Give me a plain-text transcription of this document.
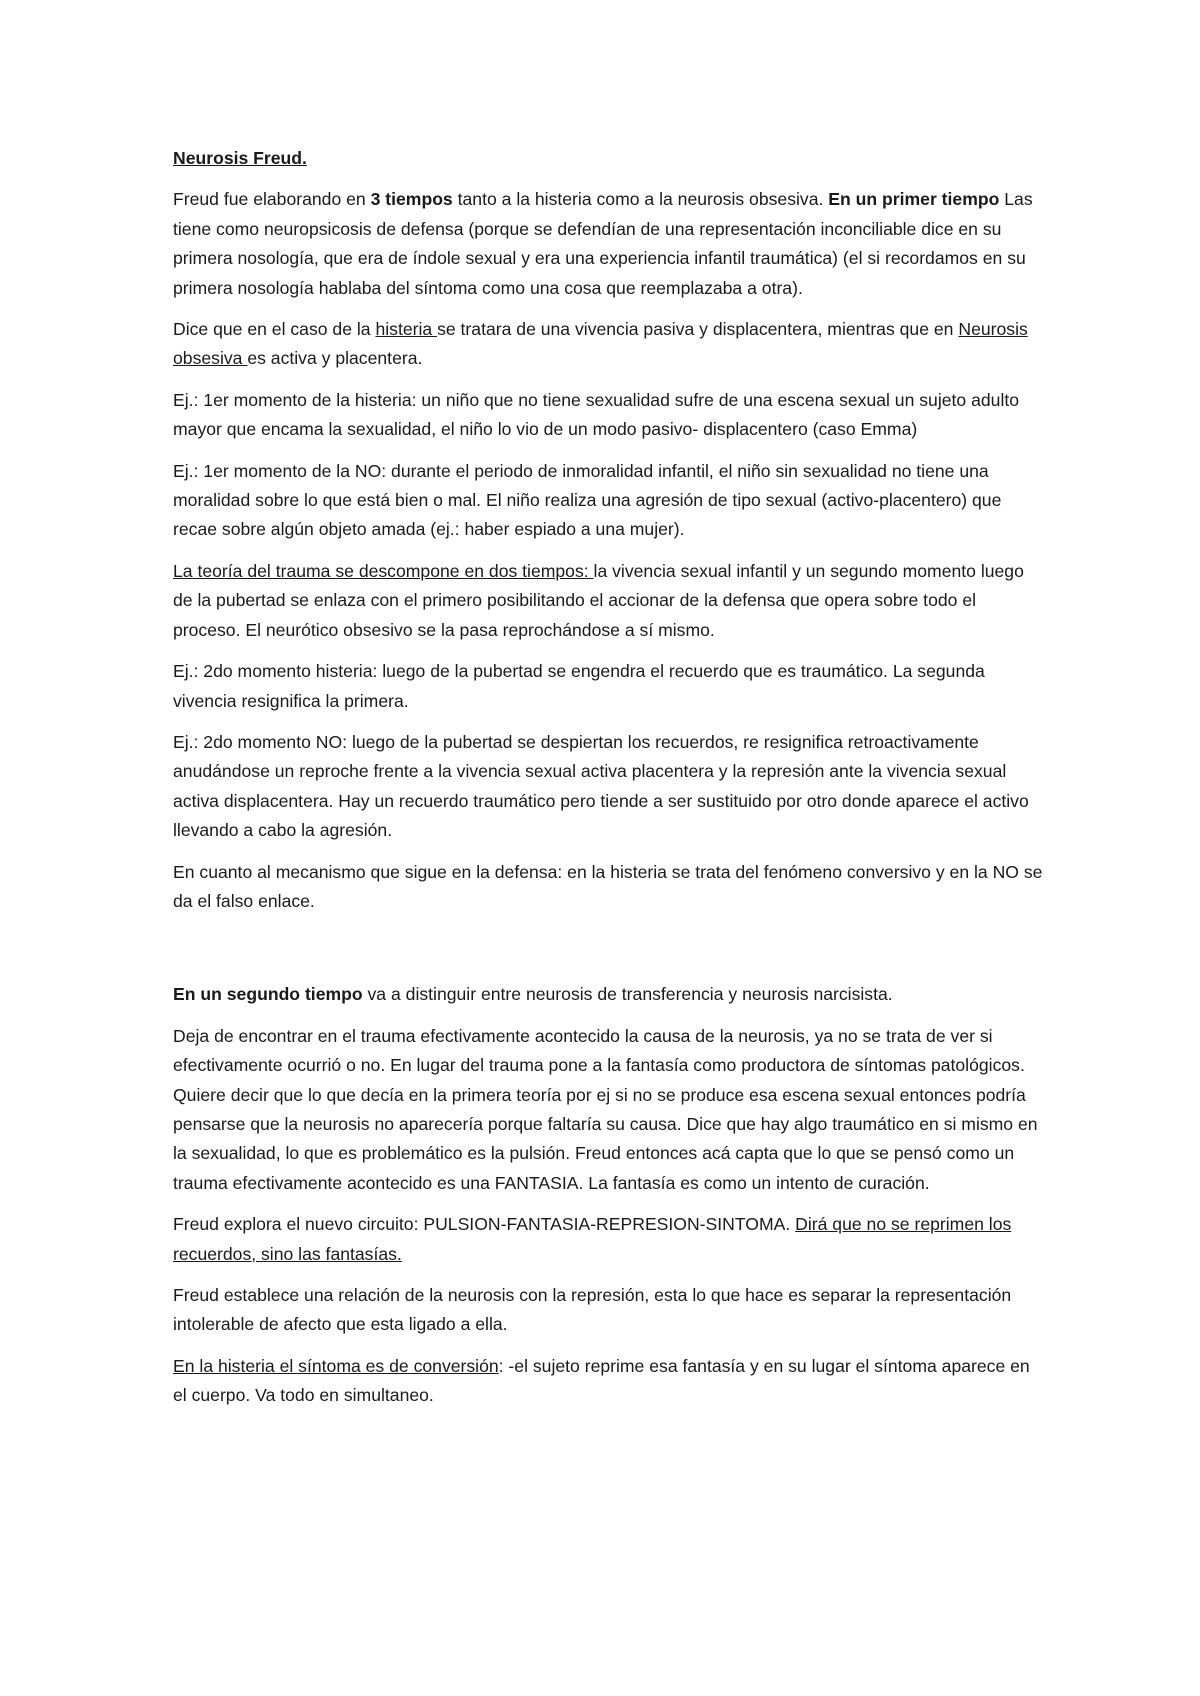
Neurosis Freud.

Freud fue elaborando en 3 tiempos tanto a la histeria como a la neurosis obsesiva. En un primer tiempo Las tiene como neuropsicosis de defensa (porque se defendían de una representación inconciliable dice en su primera nosología, que era de índole sexual y era una experiencia infantil traumática) (el si recordamos en su primera nosología hablaba del síntoma como una cosa que reemplazaba a otra).

Dice que en el caso de la histeria se tratara de una vivencia pasiva y displacentera, mientras que en Neurosis obsesiva es activa y placentera.

Ej.: 1er momento de la histeria: un niño que no tiene sexualidad sufre de una escena sexual un sujeto adulto mayor que encama la sexualidad, el niño lo vio de un modo pasivo- displacentero (caso Emma)

Ej.: 1er momento de la NO: durante el periodo de inmoralidad infantil, el niño sin sexualidad no tiene una moralidad sobre lo que está bien o mal. El niño realiza una agresión de tipo sexual (activo-placentero) que recae sobre algún objeto amada (ej.: haber espiado a una mujer).

La teoría del trauma se descompone en dos tiempos: la vivencia sexual infantil y un segundo momento luego de la pubertad se enlaza con el primero posibilitando el accionar de la defensa que opera sobre todo el proceso. El neurótico obsesivo se la pasa reprochándose a sí mismo.

Ej.: 2do momento histeria: luego de la pubertad se engendra el recuerdo que es traumático. La segunda vivencia resignifica la primera.

Ej.: 2do momento NO: luego de la pubertad se despiertan los recuerdos, re resignifica retroactivamente anudándose un reproche frente a la vivencia sexual activa placentera y la represión ante la vivencia sexual activa displacentera. Hay un recuerdo traumático pero tiende a ser sustituido por otro donde aparece el activo llevando a cabo la agresión.

En cuanto al mecanismo que sigue en la defensa: en la histeria se trata del fenómeno conversivo y en la NO se da el falso enlace.

En un segundo tiempo va a distinguir entre neurosis de transferencia y neurosis narcisista.

Deja de encontrar en el trauma efectivamente acontecido la causa de la neurosis, ya no se trata de ver si efectivamente ocurrió o no. En lugar del trauma pone a la fantasía como productora de síntomas patológicos. Quiere decir que lo que decía en la primera teoría por ej si no se produce esa escena sexual entonces podría pensarse que la neurosis no aparecería porque faltaría su causa. Dice que hay algo traumático en si mismo en la sexualidad, lo que es problemático es la pulsión. Freud entonces acá capta que lo que se pensó como un trauma efectivamente acontecido es una FANTASIA. La fantasía es como un intento de curación.

Freud explora el nuevo circuito: PULSION-FANTASIA-REPRESION-SINTOMA. Dirá que no se reprimen los recuerdos, sino las fantasías.

Freud establece una relación de la neurosis con la represión, esta lo que hace es separar la representación intolerable de afecto que esta ligado a ella.

En la histeria el síntoma es de conversión: -el sujeto reprime esa fantasía y en su lugar el síntoma aparece en el cuerpo. Va todo en simultaneo.
